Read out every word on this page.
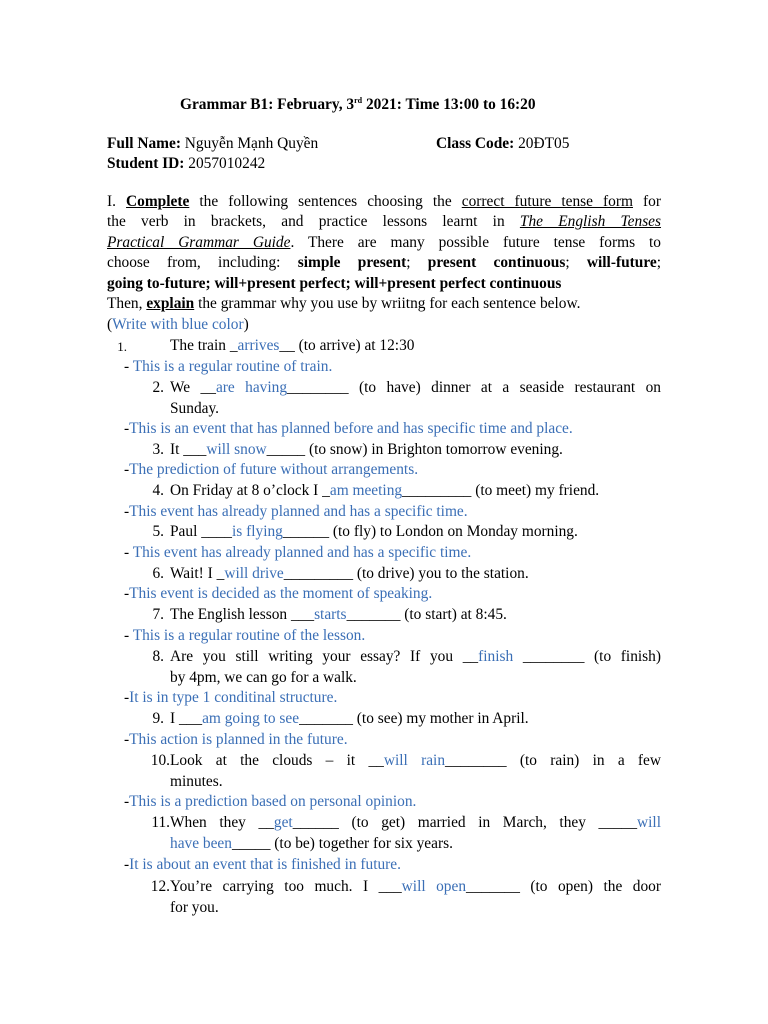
Grammar B1: February, 3rd 2021: Time 13:00 to 16:20
Full Name: Nguyễn Mạnh Quyền	Class Code: 20ĐT05
Student ID: 2057010242
I. Complete the following sentences choosing the correct future tense form for
the verb in brackets, and practice lessons learnt in The English Tenses
Practical Grammar Guide. There are many possible future tense forms to
choose from, including: simple present; present continuous; will-future;
going to-future; will+present perfect; will+present perfect continuous
Then, explain the grammar why you use by wriitng for each sentence below.
(Write with blue color)
1.	The train _arrives__ (to arrive) at 12:30
- This is a regular routine of train.
2. We __are having________ (to have) dinner at a seaside restaurant on
Sunday.
-This is an event that has planned before and has specific time and place.
3. It ___will snow_____ (to snow) in Brighton tomorrow evening.
-The prediction of future without arrangements.
4. On Friday at 8 o’clock I _am meeting_________ (to meet) my friend.
-This event has already planned and has a specific time.
5. Paul ____is flying______ (to fly) to London on Monday morning.
- This event has already planned and has a specific time.
6. Wait! I _will drive_________ (to drive) you to the station.
-This event is decided as the moment of speaking.
7. The English lesson ___starts_______ (to start) at 8:45.
- This is a regular routine of the lesson.
8. Are you still writing your essay? If you __finish ________ (to finish)
by 4pm, we can go for a walk.
-It is in type 1 conditinal structure.
9. I ___am going to see_______ (to see) my mother in April.
-This action is planned in the future.
10. Look at the clouds – it __will rain________ (to rain) in a few
minutes.
-This is a prediction based on personal opinion.
11. When they __get______ (to get) married in March, they _____will
have been_____ (to be) together for six years.
-It is about an event that is finished in future.
12. You’re carrying too much. I ___will open_______ (to open) the door
for you.
